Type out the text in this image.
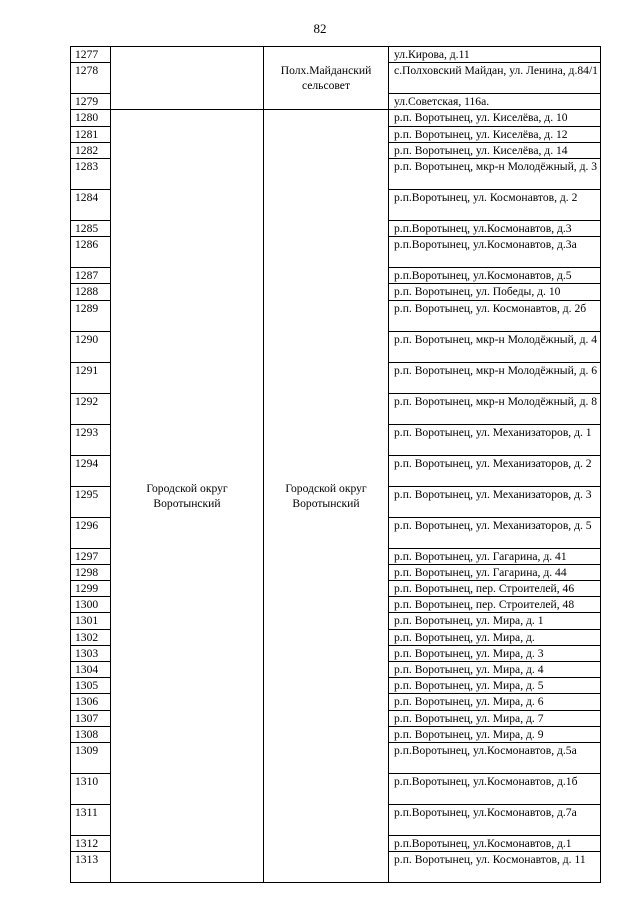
82
1277		Полх.Майданский сельсовет	ул.Кирова, д.11
1278			с.Полховский Майдан, ул. Ленина, д.84/1
1279			ул.Советская, 116а.
1280	Городской округ Воротынский	Городской округ Воротынский	р.п. Воротынец, ул. Киселёва, д. 10
1281			р.п. Воротынец, ул. Киселёва, д. 12
1282			р.п. Воротынец, ул. Киселёва, д. 14
1283			р.п. Воротынец, мкр-н Молодёжный, д. 3
1284			р.п.Воротынец, ул. Космонавтов, д. 2
1285			р.п.Воротынец, ул.Космонавтов, д.3
1286			р.п.Воротынец, ул.Космонавтов, д.3а
1287			р.п.Воротынец, ул.Космонавтов, д.5
1288			р.п. Воротынец, ул. Победы, д. 10
1289			р.п. Воротынец, ул. Космонавтов, д. 2б
1290			р.п. Воротынец, мкр-н Молодёжный, д. 4
1291			р.п. Воротынец, мкр-н Молодёжный, д. 6
1292			р.п. Воротынец, мкр-н Молодёжный, д. 8
1293			р.п. Воротынец, ул. Механизаторов, д. 1
1294			р.п. Воротынец, ул. Механизаторов, д. 2
1295			р.п. Воротынец, ул. Механизаторов, д. 3
1296			р.п. Воротынец, ул. Механизаторов, д. 5
1297			р.п. Воротынец, ул. Гагарина, д. 41
1298			р.п. Воротынец, ул. Гагарина, д. 44
1299			р.п. Воротынец, пер. Строителей, 46
1300			р.п. Воротынец, пер. Строителей, 48
1301			р.п. Воротынец, ул. Мира, д. 1
1302			р.п. Воротынец, ул. Мира, д.
1303			р.п. Воротынец, ул. Мира, д. 3
1304			р.п. Воротынец, ул. Мира, д. 4
1305			р.п. Воротынец, ул. Мира, д. 5
1306			р.п. Воротынец, ул. Мира, д. 6
1307			р.п. Воротынец, ул. Мира, д. 7
1308			р.п. Воротынец, ул. Мира, д. 9
1309			р.п.Воротынец, ул.Космонавтов, д.5а
1310			р.п.Воротынец, ул.Космонавтов, д.1б
1311			р.п.Воротынец, ул.Космонавтов, д.7а
1312			р.п.Воротынец, ул.Космонавтов, д.1
1313			р.п. Воротынец, ул. Космонавтов, д. 11
